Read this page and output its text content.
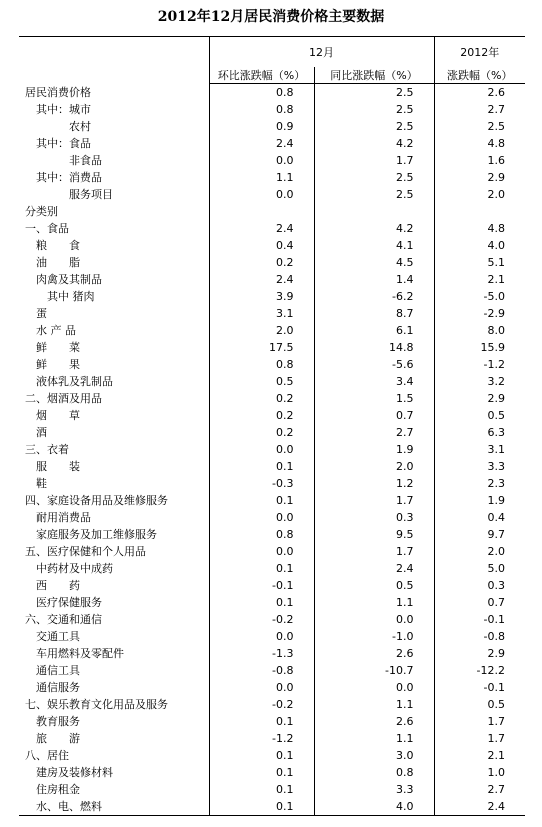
2012年12月居民消费价格主要数据
	12月		2012年
	环比涨跌幅（%）	同比涨跌幅（%）	涨跌幅（%）
居民消费价格	0.8	2.5	2.6
　其中：城市	0.8	2.5	2.7
　　　　农村	0.9	2.5	2.5
　其中：食品	2.4	4.2	4.8
　　　　非食品	0.0	1.7	1.6
　其中：消费品	1.1	2.5	2.9
　　　　服务项目	0.0	2.5	2.0
分类别			
一、食品	2.4	4.2	4.8
　粮　　食	0.4	4.1	4.0
　油　　脂	0.2	4.5	5.1
　肉禽及其制品	2.4	1.4	2.1
　　其中 猪肉	3.9	-6.2	-5.0
　蛋	3.1	8.7	-2.9
　水 产 品	2.0	6.1	8.0
　鲜　　菜	17.5	14.8	15.9
　鲜　　果	0.8	-5.6	-1.2
　液体乳及乳制品	0.5	3.4	3.2
二、烟酒及用品	0.2	1.5	2.9
　烟　　草	0.2	0.7	0.5
　酒	0.2	2.7	6.3
三、衣着	0.0	1.9	3.1
　服　　装	0.1	2.0	3.3
　鞋	-0.3	1.2	2.3
四、家庭设备用品及维修服务	0.1	1.7	1.9
　耐用消费品	0.0	0.3	0.4
　家庭服务及加工维修服务	0.8	9.5	9.7
五、医疗保健和个人用品	0.0	1.7	2.0
　中药材及中成药	0.1	2.4	5.0
　西　　药	-0.1	0.5	0.3
　医疗保健服务	0.1	1.1	0.7
六、交通和通信	-0.2	0.0	-0.1
　交通工具	0.0	-1.0	-0.8
　车用燃料及零配件	-1.3	2.6	2.9
　通信工具	-0.8	-10.7	-12.2
　通信服务	0.0	0.0	-0.1
七、娱乐教育文化用品及服务	-0.2	1.1	0.5
　教育服务	0.1	2.6	1.7
　旅　　游	-1.2	1.1	1.7
八、居住	0.1	3.0	2.1
　建房及装修材料	0.1	0.8	1.0
　住房租金	0.1	3.3	2.7
　水、电、燃料	0.1	4.0	2.4
